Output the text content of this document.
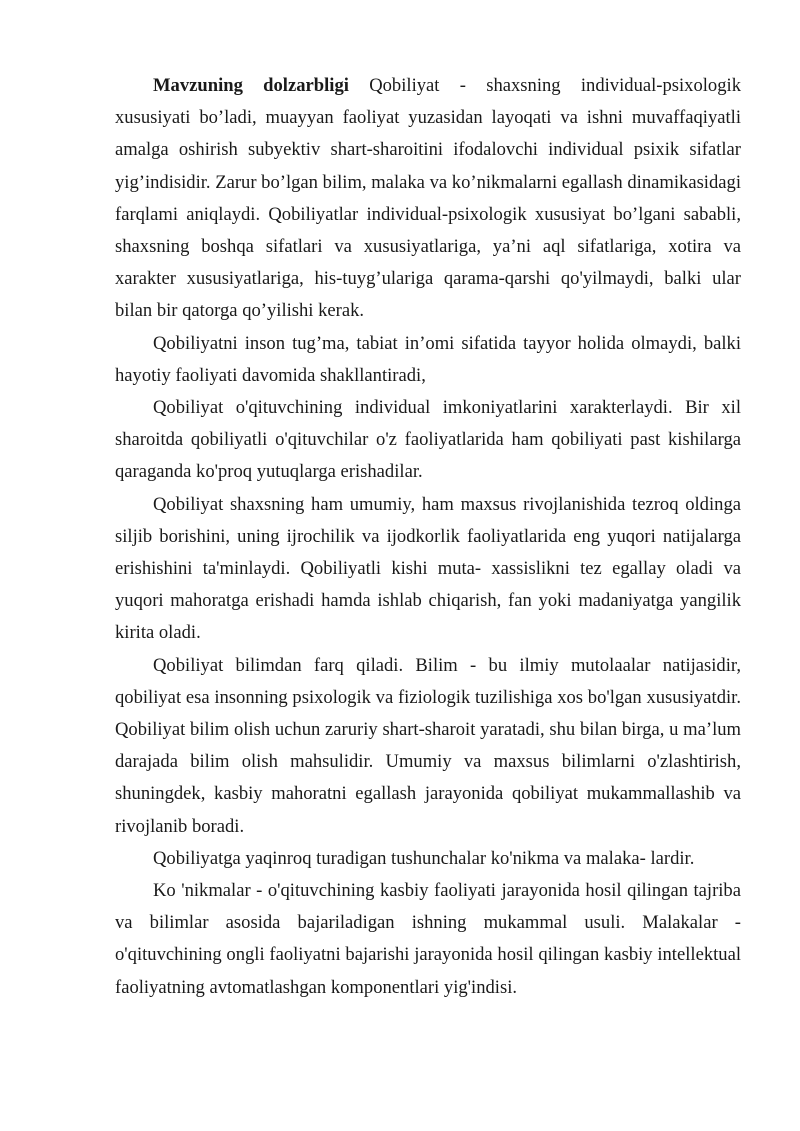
Mavzuning dolzarbligi Qobiliyat - shaxsning individual-psixologik xususiyati bo’ladi, muayyan faoliyat yuzasidan layoqati va ishni muvaffaqiyatli amalga oshirish subyektiv shart-sharoitini ifodalovchi individual psixik sifatlar yig’indisidir. Zarur bo’lgan bilim, malaka va ko’nikmalarni egallash dinamikasidagi farqlami aniqlaydi. Qobiliyatlar individual-psixologik xususiyat bo’lgani sababli, shaxsning boshqa sifatlari va xususiyatlariga, ya’ni aql sifatlariga, xotira va xarakter xususiyatlariga, his-tuyg’ulariga qarama-qarshi qo'yilmaydi, balki ular bilan bir qatorga qo’yilishi kerak.

Qobiliyatni inson tug’ma, tabiat in’omi sifatida tayyor holida olmaydi, balki hayotiy faoliyati davomida shakllantiradi,

Qobiliyat o'qituvchining individual imkoniyatlarini xarakterlaydi. Bir xil sharoitda qobiliyatli o'qituvchilar o'z faoliyatlarida ham qobiliyati past kishilarga qaraganda ko'proq yutuqlarga erishadilar.

Qobiliyat shaxsning ham umumiy, ham maxsus rivojlanishida tezroq oldinga siljib borishini, uning ijrochilik va ijodkorlik faoliyatlarida eng yuqori natijalarga erishishini ta'minlaydi. Qobiliyatli kishi muta- xassislikni tez egallay oladi va yuqori mahoratga erishadi hamda ishlab chiqarish, fan yoki madaniyatga yangilik kirita oladi.

Qobiliyat bilimdan farq qiladi. Bilim - bu ilmiy mutolaalar natijasidir, qobiliyat esa insonning psixologik va fiziologik tuzilishiga xos bo'lgan xususiyatdir. Qobiliyat bilim olish uchun zaruriy shart-sharoit yaratadi, shu bilan birga, u ma’lum darajada bilim olish mahsulidir. Umumiy va maxsus bilimlarni o'zlashtirish, shuningdek, kasbiy mahoratni egallash jarayonida qobiliyat mukammallashib va rivojlanib boradi.

Qobiliyatga yaqinroq turadigan tushunchalar ko'nikma va malaka- lardir.

Ko 'nikmalar - o'qituvchining kasbiy faoliyati jarayonida hosil qilingan tajriba va bilimlar asosida bajariladigan ishning mukammal usuli. Malakalar - o'qituvchining ongli faoliyatni bajarishi jarayonida hosil qilingan kasbiy intellektual faoliyatning avtomatlashgan komponentlari yig'indisi.
